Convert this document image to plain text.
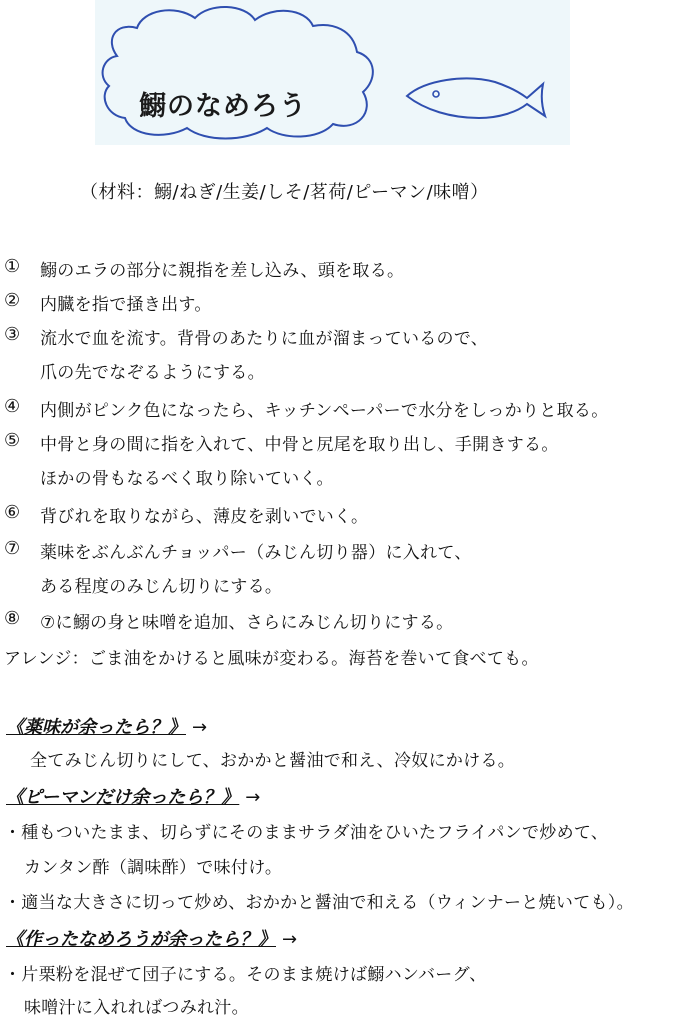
鰯のなめろう
（材料：鰯/ねぎ/生姜/しそ/茗荷/ピーマン/味噌）
① 鰯のエラの部分に親指を差し込み、頭を取る。
② 内臓を指で掻き出す。
③ 流水で血を流す。背骨のあたりに血が溜まっているので、
爪の先でなぞるようにする。
④ 内側がピンク色になったら、キッチンペーパーで水分をしっかりと取る。
⑤ 中骨と身の間に指を入れて、中骨と尻尾を取り出し、手開きする。
ほかの骨もなるべく取り除いていく。
⑥ 背びれを取りながら、薄皮を剥いでいく。
⑦ 薬味をぶんぶんチョッパー（みじん切り器）に入れて、
ある程度のみじん切りにする。
⑧ ⑦に鰯の身と味噌を追加、さらにみじん切りにする。
アレンジ：ごま油をかけると風味が変わる。海苔を巻いて食べても。
《薬味が余ったら？》 →
全てみじん切りにして、おかかと醤油で和え、冷奴にかける。
《ピーマンだけ余ったら？》 →
・種もついたまま、切らずにそのままサラダ油をひいたフライパンで炒めて、
カンタン酢（調味酢）で味付け。
・適当な大きさに切って炒め、おかかと醤油で和える（ウィンナーと焼いても）。
《作ったなめろうが余ったら？》 →
・片栗粉を混ぜて団子にする。そのまま焼けば鰯ハンバーグ、
味噌汁に入れればつみれ汁。
